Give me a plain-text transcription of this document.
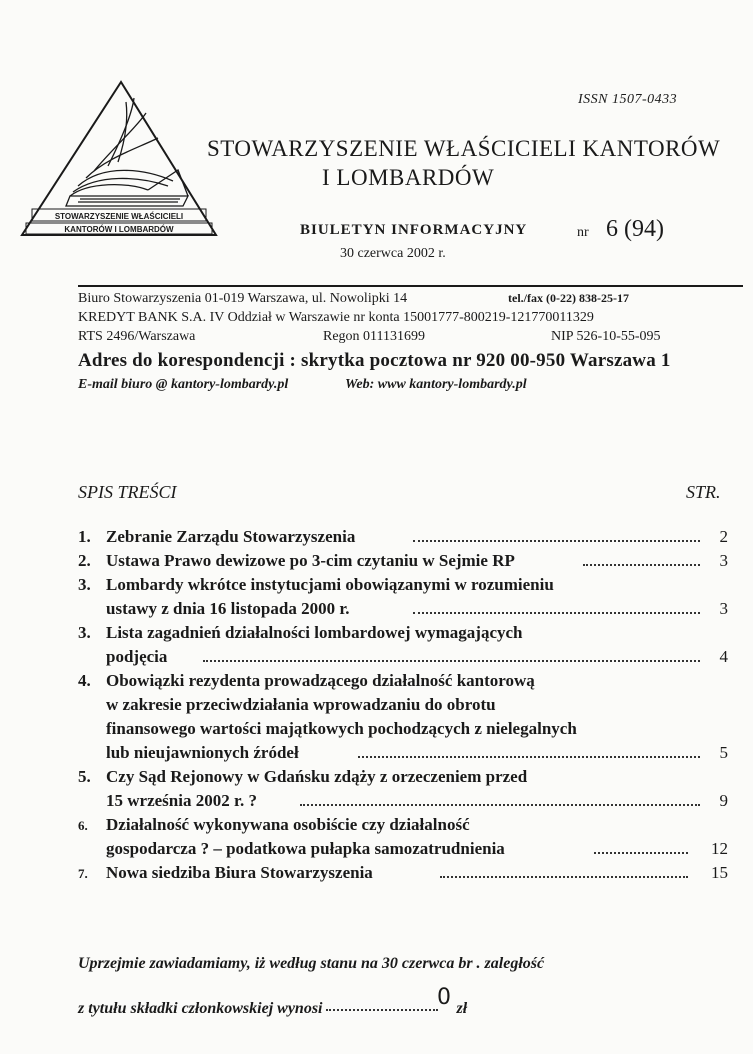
STOWARZYSZENIE WŁAŚCICIELI
KANTORÓW I LOMBARDÓW
ISSN 1507-0433
STOWARZYSZENIE WŁAŚCICIELI KANTORÓW
I LOMBARDÓW
BIULETYN INFORMACYJNY	nr 6 (94)
30 czerwca 2002 r.
Biuro Stowarzyszenia 01-019 Warszawa, ul. Nowolipki 14	tel./fax (0-22) 838-25-17
KREDYT BANK S.A. IV Oddział w Warszawie nr konta 15001777-800219-121770011329
RTS 2496/Warszawa	Regon 011131699	NIP 526-10-55-095
Adres do korespondencji : skrytka pocztowa nr 920 00-950 Warszawa 1
E-mail biuro @ kantory-lombardy.pl	Web: www kantory-lombardy.pl
SPIS TREŚCI	STR.
1. Zebranie Zarządu Stowarzyszenia	2
2. Ustawa Prawo dewizowe po 3-cim czytaniu w Sejmie RP	3
3. Lombardy wkrótce instytucjami obowiązanymi w rozumieniu
ustawy z dnia 16 listopada 2000 r.	3
3. Lista zagadnień działalności lombardowej wymagających
podjęcia	4
4. Obowiązki rezydenta prowadzącego działalność kantorową
w zakresie przeciwdziałania wprowadzaniu do obrotu
finansowego wartości majątkowych pochodzących z nielegalnych
lub nieujawnionych źródeł	5
5. Czy Sąd Rejonowy w Gdańsku zdąży z orzeczeniem przed
15 września 2002 r. ?	9
6. Działalność wykonywana osobiście czy działalność
gospodarcza ? – podatkowa pułapka samozatrudnienia	12
7. Nowa siedziba Biura Stowarzyszenia	15
Uprzejmie zawiadamiamy, iż według stanu na 30 czerwca br . zaległość
z tytułu składki członkowskiej wynosi	zł
0
